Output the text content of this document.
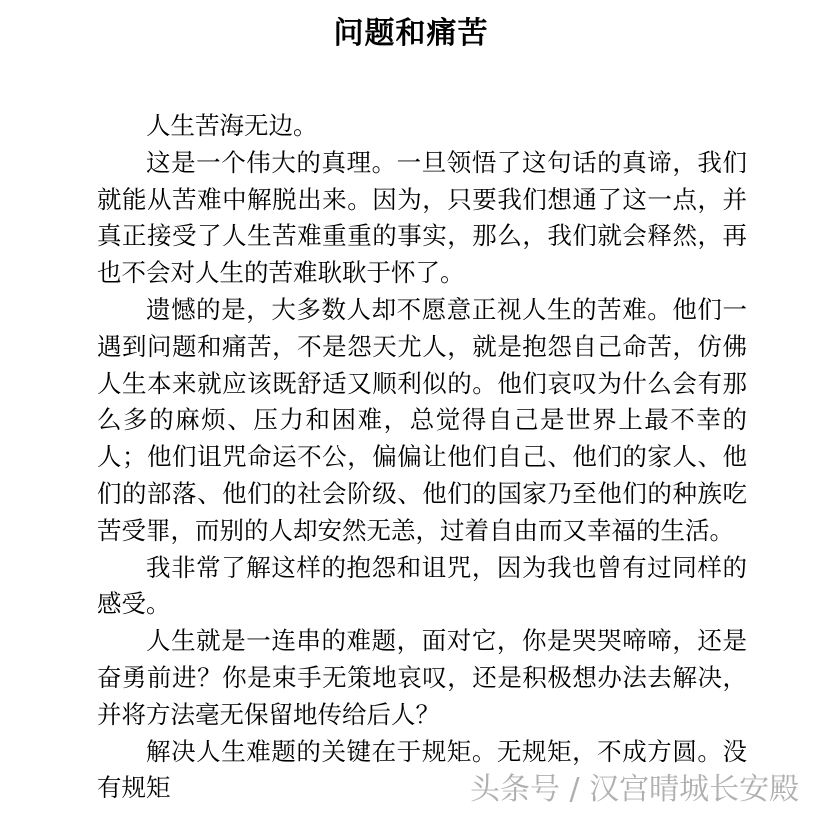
问题和痛苦

人生苦海无边。

这是一个伟大的真理。一旦领悟了这句话的真谛，我们就能从苦难中解脱出来。因为，只要我们想通了这一点，并真正接受了人生苦难重重的事实，那么，我们就会释然，再也不会对人生的苦难耿耿于怀了。

遗憾的是，大多数人却不愿意正视人生的苦难。他们一遇到问题和痛苦，不是怨天尤人，就是抱怨自己命苦，仿佛人生本来就应该既舒适又顺利似的。他们哀叹为什么会有那么多的麻烦、压力和困难，总觉得自己是世界上最不幸的人；他们诅咒命运不公，偏偏让他们自己、他们的家人、他们的部落、他们的社会阶级、他们的国家乃至他们的种族吃苦受罪，而别的人却安然无恙，过着自由而又幸福的生活。

我非常了解这样的抱怨和诅咒，因为我也曾有过同样的感受。

人生就是一连串的难题，面对它，你是哭哭啼啼，还是奋勇前进？你是束手无策地哀叹，还是积极想办法去解决，并将方法毫无保留地传给后人？

解决人生难题的关键在于规矩。无规矩，不成方圆。没有规矩	头条号 / 汉宫晴城长安殿
